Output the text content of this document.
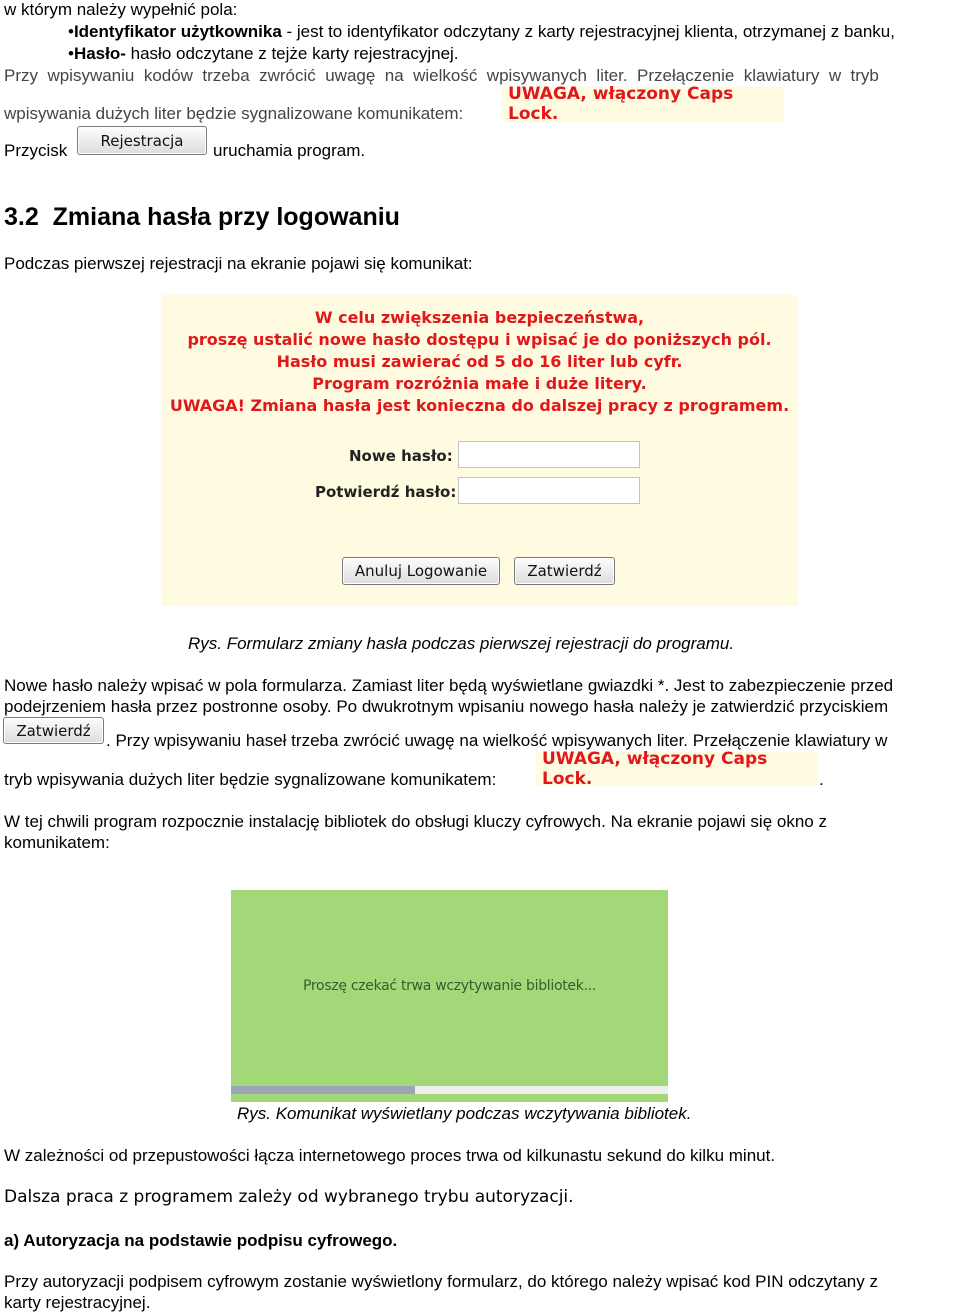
w którym należy wypełnić pola:
•Identyfikator użytkownika - jest to identyfikator odczytany z karty rejestracyjnej klienta, otrzymanej z banku,
•Hasło- hasło odczytane z tejże karty rejestracyjnej.
Przy  wpisywaniu  kodów  trzeba  zwrócić  uwagę  na  wielkość  wpisywanych  liter.  Przełączenie  klawiatury  w  tryb
wpisywania dużych liter będzie sygnalizowane komunikatem:
UWAGA, włączony Caps Lock.
Przycisk
Rejestracja
uruchamia program.
3.2  Zmiana hasła przy logowaniu
Podczas pierwszej rejestracji na ekranie pojawi się komunikat:
W celu zwiększenia bezpieczeństwa,
proszę ustalić nowe hasło dostępu i wpisać je do poniższych pól.
Hasło musi zawierać od 5 do 16 liter lub cyfr.
Program rozróżnia małe i duże litery.
UWAGA! Zmiana hasła jest konieczna do dalszej pracy z programem.
Nowe hasło:
Potwierdź hasło:
Anuluj Logowanie	Zatwierdź
Rys. Formularz zmiany hasła podczas pierwszej rejestracji do programu.
Nowe hasło należy wpisać w pola formularza. Zamiast liter będą wyświetlane gwiazdki *. Jest to zabezpieczenie przed
podejrzeniem hasła przez postronne osoby. Po dwukrotnym wpisaniu nowego hasła należy je zatwierdzić przyciskiem
Zatwierdź
. Przy wpisywaniu haseł trzeba zwrócić uwagę na wielkość wpisywanych liter. Przełączenie klawiatury w
tryb wpisywania dużych liter będzie sygnalizowane komunikatem:
UWAGA, włączony Caps Lock.	.
W tej chwili program rozpocznie instalację bibliotek do obsługi kluczy cyfrowych. Na ekranie pojawi się okno z
komunikatem:
Proszę czekać trwa wczytywanie bibliotek...
Rys. Komunikat wyświetlany podczas wczytywania bibliotek.
W zależności od przepustowości łącza internetowego proces trwa od kilkunastu sekund do kilku minut.
Dalsza praca z programem zależy od wybranego trybu autoryzacji.
a) Autoryzacja na podstawie podpisu cyfrowego.
Przy autoryzacji podpisem cyfrowym zostanie wyświetlony formularz, do którego należy wpisać kod PIN odczytany z
karty rejestracyjnej.
